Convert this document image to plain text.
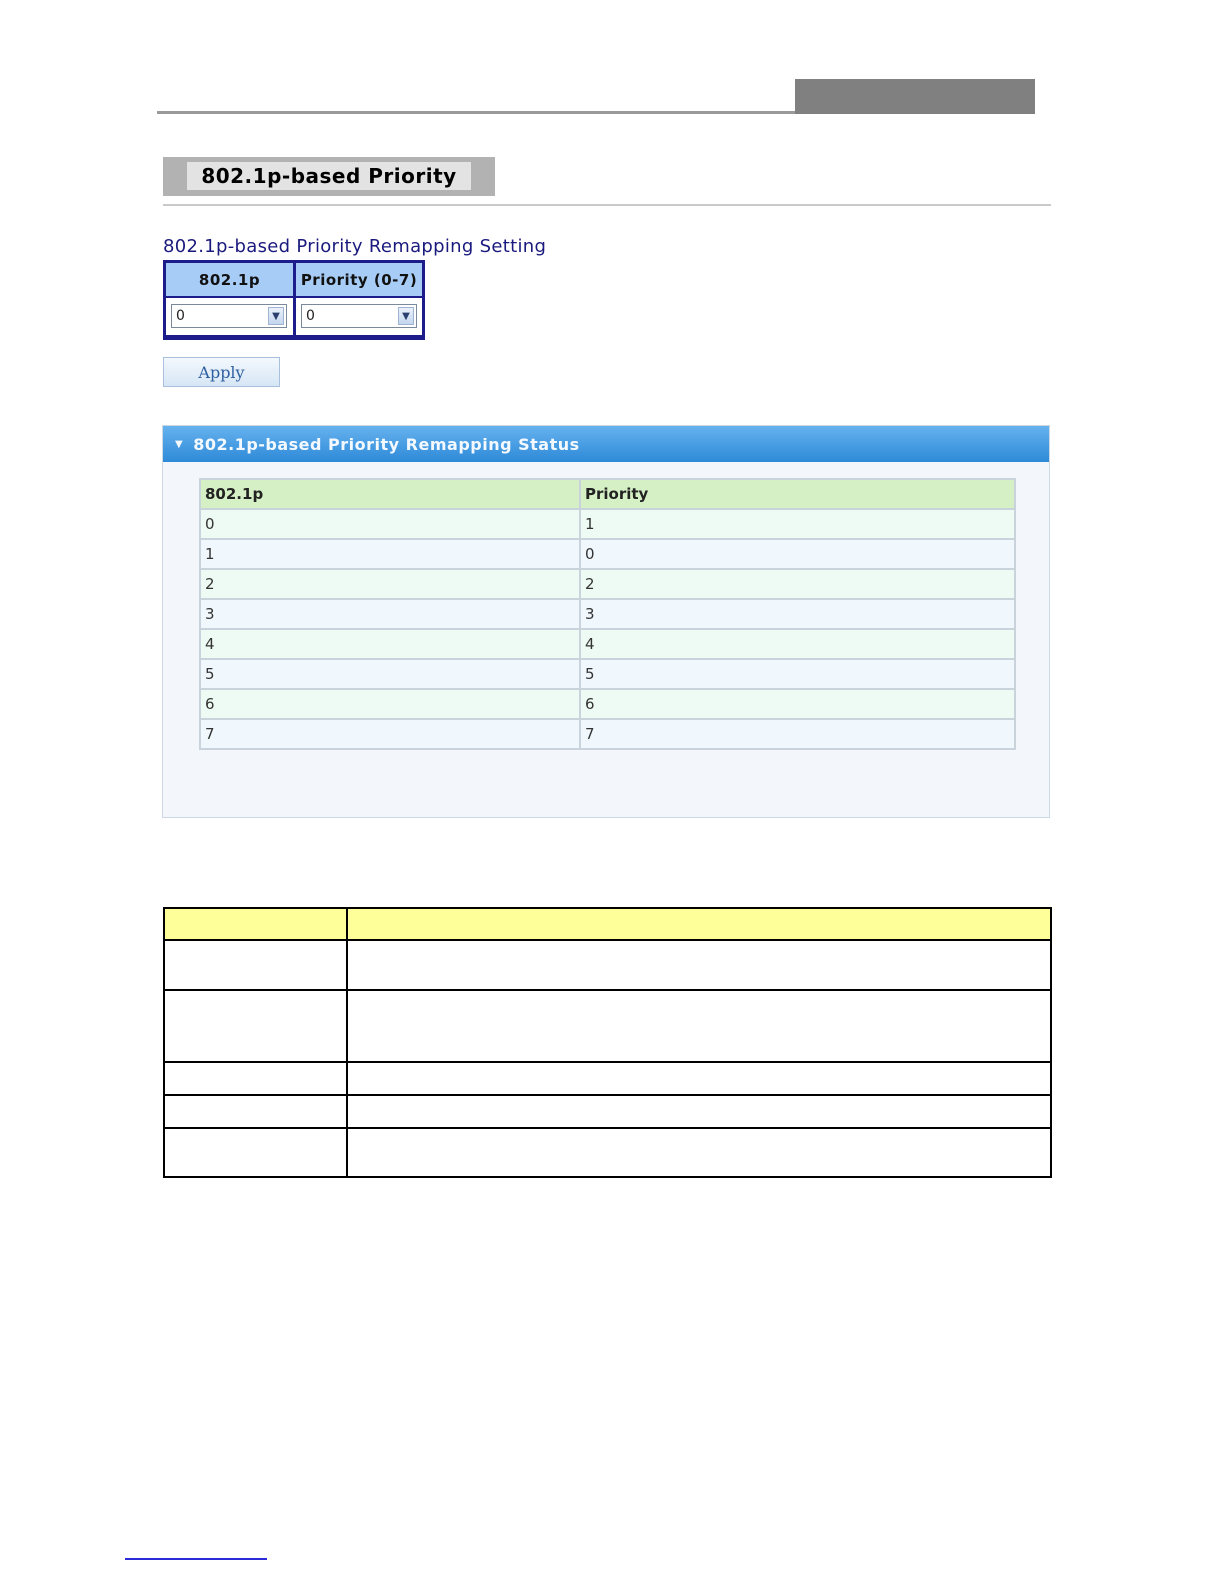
802.1p-based Priority
802.1p-based Priority Remapping Setting
802.1p	Priority (0-7)
0	▼ 0	▼
Apply
▼ 802.1p-based Priority Remapping Status
802.1p	Priority
0	1
1	0
2	2
3	3
4	4
5	5
6	6
7	7
